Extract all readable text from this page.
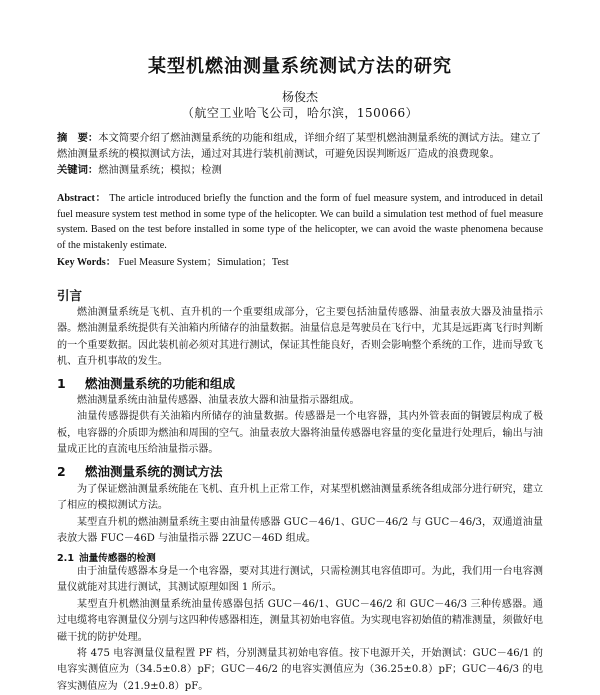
某型机燃油测量系统测试方法的研究
杨俊杰
（航空工业哈飞公司，哈尔滨，150066）
摘　要：本文简要介绍了燃油测量系统的功能和组成，详细介绍了某型机燃油测量系统的测试方法。建立了燃油测量系统的模拟测试方法，通过对其进行装机前测试，可避免因误判断返厂造成的浪费现象。
关键词：燃油测量系统；模拟；检测
Abstract： The article introduced briefly the function and the form of fuel measure system, and introduced in detail fuel measure system test method in some type of the helicopter. We can build a simulation test method of fuel measure system. Based on the test before installed in some type of the helicopter, we can avoid the waste phenomena because of the mistakenly estimate.
Key Words： Fuel Measure System；Simulation；Test
引言

燃油测量系统是飞机、直升机的一个重要组成部分，它主要包括油量传感器、油量表放大器及油量指示器。燃油测量系统提供有关油箱内所储存的油量数据。油量信息是驾驶员在飞行中，尤其是远距离飞行时判断的一个重要数据。因此装机前必须对其进行测试，保证其性能良好，否则会影响整个系统的工作，进而导致飞机、直升机事故的发生。

1 燃油测量系统的功能和组成

燃油测量系统由油量传感器、油量表放大器和油量指示器组成。

油量传感器提供有关油箱内所储存的油量数据。传感器是一个电容器，其内外管表面的铜镀层构成了极板，电容器的介质即为燃油和周围的空气。油量表放大器将油量传感器电容量的变化量进行处理后，输出与油量成正比的直流电压给油量指示器。

2 燃油测量系统的测试方法

为了保证燃油测量系统能在飞机、直升机上正常工作，对某型机燃油测量系统各组成部分进行研究，建立了相应的模拟测试方法。

某型直升机的燃油测量系统主要由油量传感器 GUC－46/1、GUC－46/2 与 GUC－46/3，双通道油量表放大器 FUC－46D 与油量指示器 2ZUC－46D 组成。

2.1 油量传感器的检测

由于油量传感器本身是一个电容器，要对其进行测试，只需检测其电容值即可。为此，我们用一台电容测量仪就能对其进行测试，其测试原理如图 1 所示。

某型直升机燃油测量系统油量传感器包括 GUC－46/1、GUC－46/2 和 GUC－46/3 三种传感器。通过电缆将电容测量仪分别与这四种传感器相连，测量其初始电容值。为实现电容初始值的精准测量，须做好电磁干扰的防护处理。

将 475 电容测量仪量程置 PF 档，分别测量其初始电容值。按下电源开关，开始测试：GUC－46/1 的电容实测值应为（34.5±0.8）pF；GUC－46/2 的电容实测值应为（36.25±0.8）pF；GUC－46/3 的电容实测值应为（21.9±0.8）pF。
